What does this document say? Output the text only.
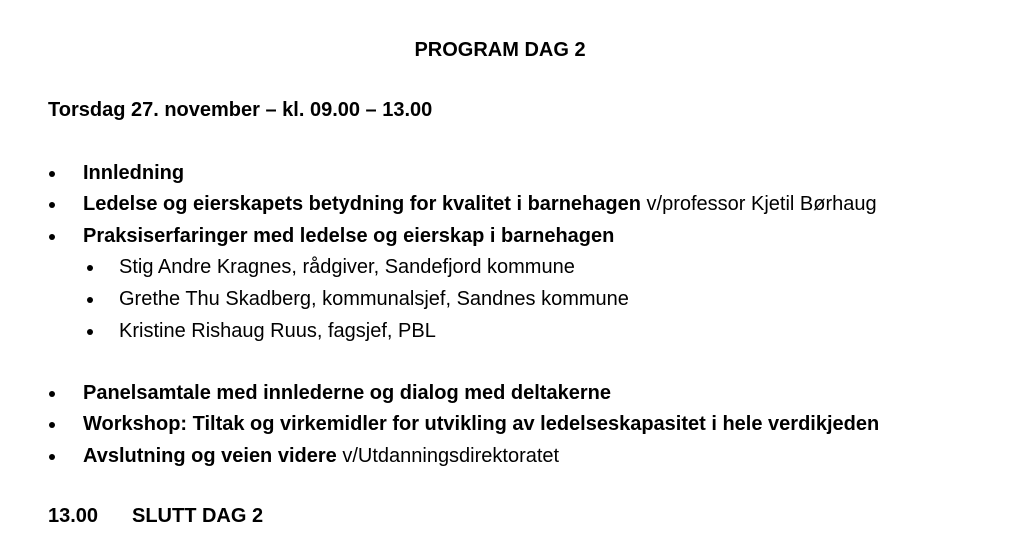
PROGRAM DAG 2
Torsdag 27. november – kl. 09.00 – 13.00
Innledning
Ledelse og eierskapets betydning for kvalitet i barnehagen v/professor Kjetil Børhaug
Praksiserfaringer med ledelse og eierskap i barnehagen
Stig Andre Kragnes, rådgiver, Sandefjord kommune
Grethe Thu Skadberg, kommunalsjef, Sandnes kommune
Kristine Rishaug Ruus, fagsjef, PBL
Panelsamtale med innlederne og dialog med deltakerne
Workshop: Tiltak og virkemidler for utvikling av ledelseskapasitet i hele verdikjeden
Avslutning og veien videre v/Utdanningsdirektoratet
13.00 SLUTT DAG 2
